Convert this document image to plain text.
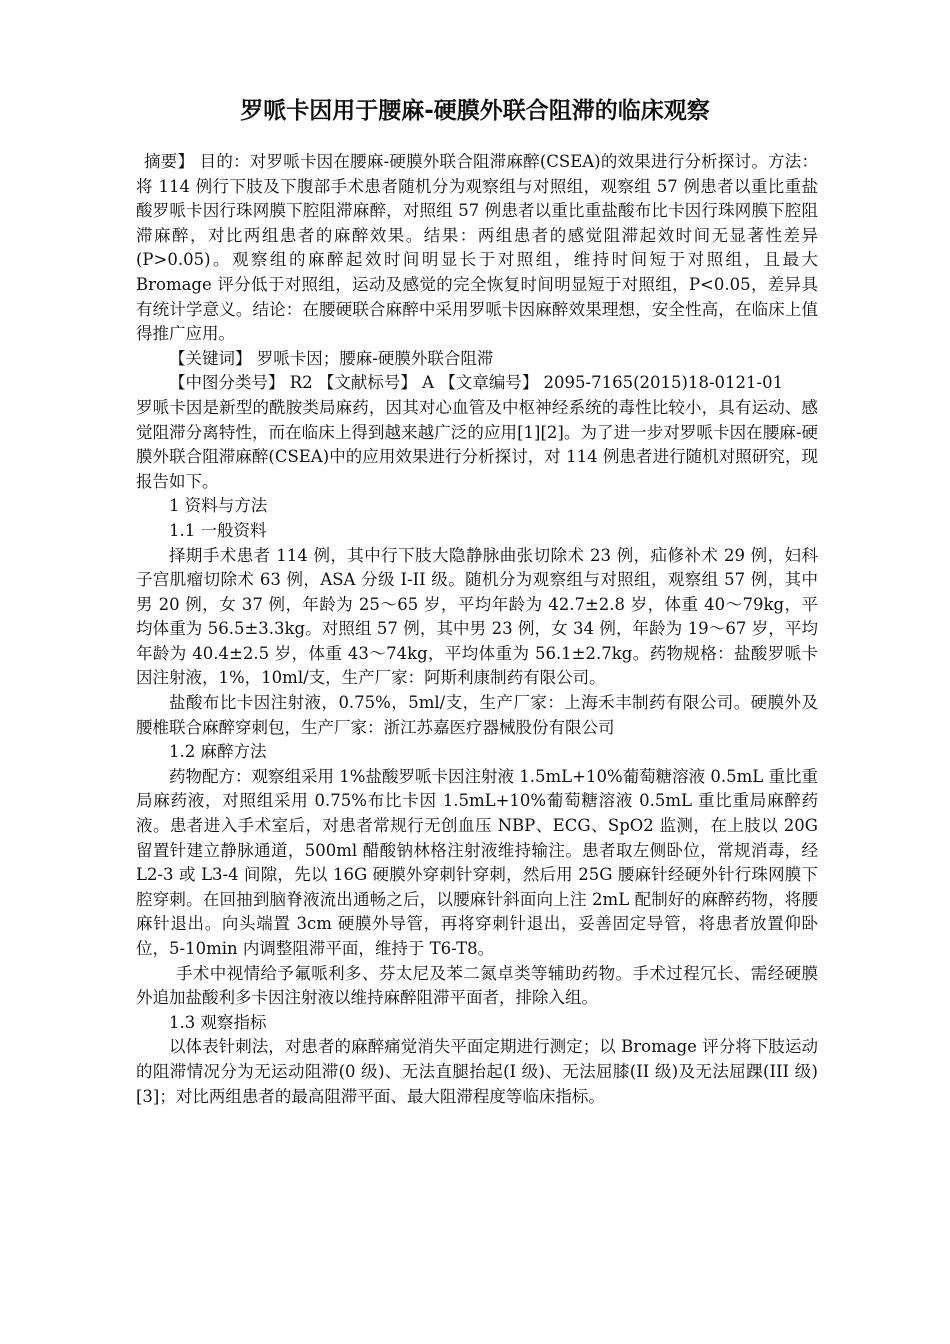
罗哌卡因用于腰麻-硬膜外联合阻滞的临床观察

摘要】 目的：对罗哌卡因在腰麻-硬膜外联合阻滞麻醉(CSEA)的效果进行分析探讨。方法：将 114 例行下肢及下腹部手术患者随机分为观察组与对照组，观察组 57 例患者以重比重盐酸罗哌卡因行珠网膜下腔阻滞麻醉，对照组 57 例患者以重比重盐酸布比卡因行珠网膜下腔阻滞麻醉，对比两组患者的麻醉效果。结果：两组患者的感觉阻滞起效时间无显著性差异(P>0.05)。观察组的麻醉起效时间明显长于对照组，维持时间短于对照组，且最大 Bromage 评分低于对照组，运动及感觉的完全恢复时间明显短于对照组，P<0.05，差异具有统计学意义。结论：在腰硬联合麻醉中采用罗哌卡因麻醉效果理想，安全性高，在临床上值得推广应用。

【关键词】 罗哌卡因；腰麻-硬膜外联合阻滞

【中图分类号】 R2 【文献标号】 A 【文章编号】 2095-7165(2015)18-0121-01

罗哌卡因是新型的酰胺类局麻药，因其对心血管及中枢神经系统的毒性比较小，具有运动、感觉阻滞分离特性，而在临床上得到越来越广泛的应用[1][2]。为了进一步对罗哌卡因在腰麻-硬膜外联合阻滞麻醉(CSEA)中的应用效果进行分析探讨，对 114 例患者进行随机对照研究，现报告如下。

1 资料与方法

1.1 一般资料

择期手术患者 114 例，其中行下肢大隐静脉曲张切除术 23 例，疝修补术 29 例，妇科子宫肌瘤切除术 63 例，ASA 分级 I-II 级。随机分为观察组与对照组，观察组 57 例，其中男 20 例，女 37 例，年龄为 25～65 岁，平均年龄为 42.7±2.8 岁，体重 40～79kg，平均体重为 56.5±3.3kg。对照组 57 例，其中男 23 例，女 34 例，年龄为 19～67 岁，平均年龄为 40.4±2.5 岁，体重 43～74kg，平均体重为 56.1±2.7kg。药物规格：盐酸罗哌卡因注射液，1%，10ml/支，生产厂家：阿斯利康制药有限公司。

盐酸布比卡因注射液，0.75%，5ml/支，生产厂家：上海禾丰制药有限公司。硬膜外及腰椎联合麻醉穿刺包，生产厂家：浙江苏嘉医疗器械股份有限公司

1.2 麻醉方法

药物配方：观察组采用 1%盐酸罗哌卡因注射液 1.5mL+10%葡萄糖溶液 0.5mL 重比重局麻药液，对照组采用 0.75%布比卡因 1.5mL+10%葡萄糖溶液 0.5mL 重比重局麻醉药液。患者进入手术室后，对患者常规行无创血压 NBP、ECG、SpO2 监测，在上肢以 20G 留置针建立静脉通道，500ml 醋酸钠林格注射液维持输注。患者取左侧卧位，常规消毒，经 L2-3 或 L3-4 间隙，先以 16G 硬膜外穿刺针穿刺，然后用 25G 腰麻针经硬外针行珠网膜下腔穿刺。在回抽到脑脊液流出通畅之后，以腰麻针斜面向上注 2mL 配制好的麻醉药物，将腰麻针退出。向头端置 3cm 硬膜外导管，再将穿刺针退出，妥善固定导管，将患者放置仰卧位，5-10min 内调整阻滞平面，维持于 T6-T8。

手术中视情给予氟哌利多、芬太尼及苯二氮卓类等辅助药物。手术过程冗长、需经硬膜外追加盐酸利多卡因注射液以维持麻醉阻滞平面者，排除入组。

1.3 观察指标

以体表针刺法，对患者的麻醉痛觉消失平面定期进行测定；以 Bromage 评分将下肢运动的阻滞情况分为无运动阻滞(0 级)、无法直腿抬起(I 级)、无法屈膝(II 级)及无法屈踝(III 级)[3]；对比两组患者的最高阻滞平面、最大阻滞程度等临床指标。
